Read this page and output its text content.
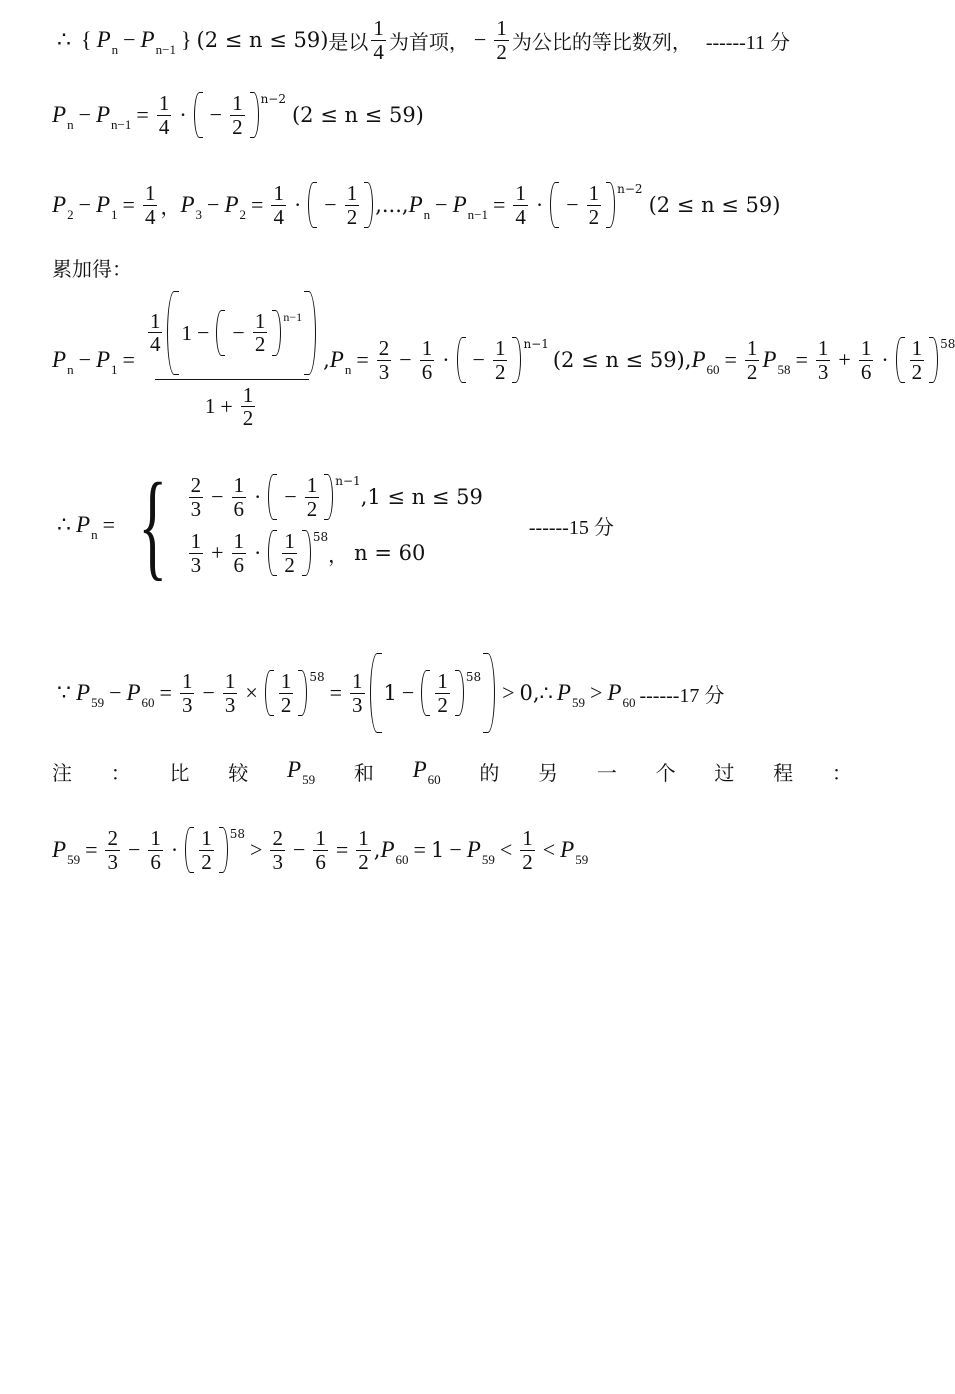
∴ { $P_n - P_{n-1}$ } (2 ≤ n ≤ 59) 是以 $\frac{1}{4}$ 为首项， − $\frac{1}{2}$ 为公比的等比数列， ------11 分
$P_n - P_{n-1} = \frac{1}{4}$ · − $\frac{1}{2} n-2$
(2 ≤ n ≤ 59)
$P_2 - P_1 = \frac{1}{4}$ ， $P_3 - P_2 = \frac{1}{4}$ · − $\frac{1}{2}$ ,..., $P_n - P_{n-1} = \frac{1}{4}$ · − $\frac{1}{2} n-2$
(2 ≤ n ≤ 59)
累加得：
$P_n - P_1 = \frac{\frac{1}{4} 1 - - \frac{1}{2} n-1}{1 + \frac{1}{2}}$ , $P_n = \frac{2}{3} - \frac{1}{6}$ · − $\frac{1}{2} n-1$
(2 ≤ n ≤ 59) , $P_{60} = \frac{1}{2} P_{58} = \frac{1}{3} + \frac{1}{6} \cdot \frac{1}{2} 58$
∴ $P_n$ = { $\frac{2}{3} - \frac{1}{6}$ · − $\frac{1}{2} n-1$
, 1 ≤ n ≤ 59
$\frac{1}{3} + \frac{1}{6} \cdot \frac{1}{2} 58$
， n = 60
------15 分
∵ $P_{59} - P_{60} = \frac{1}{3} - \frac{1}{3} \times \frac{1}{2} 58$
= $\frac{1}{3} 1 - \frac{1}{2} 58$
> 0,∴ $P_{59} > P_{60}$ ------17 分
注 ： 比 较 $P_{59}$ 和 $P_{60}$ 的 另 一 个 过 程 ：
$P_{59} = \frac{2}{3} - \frac{1}{6} \cdot \frac{1}{2} 58$
> $\frac{2}{3} - \frac{1}{6} = \frac{1}{2}$ , $P_{60} = 1 - P_{59} < \frac{1}{2} < P_{59}$
